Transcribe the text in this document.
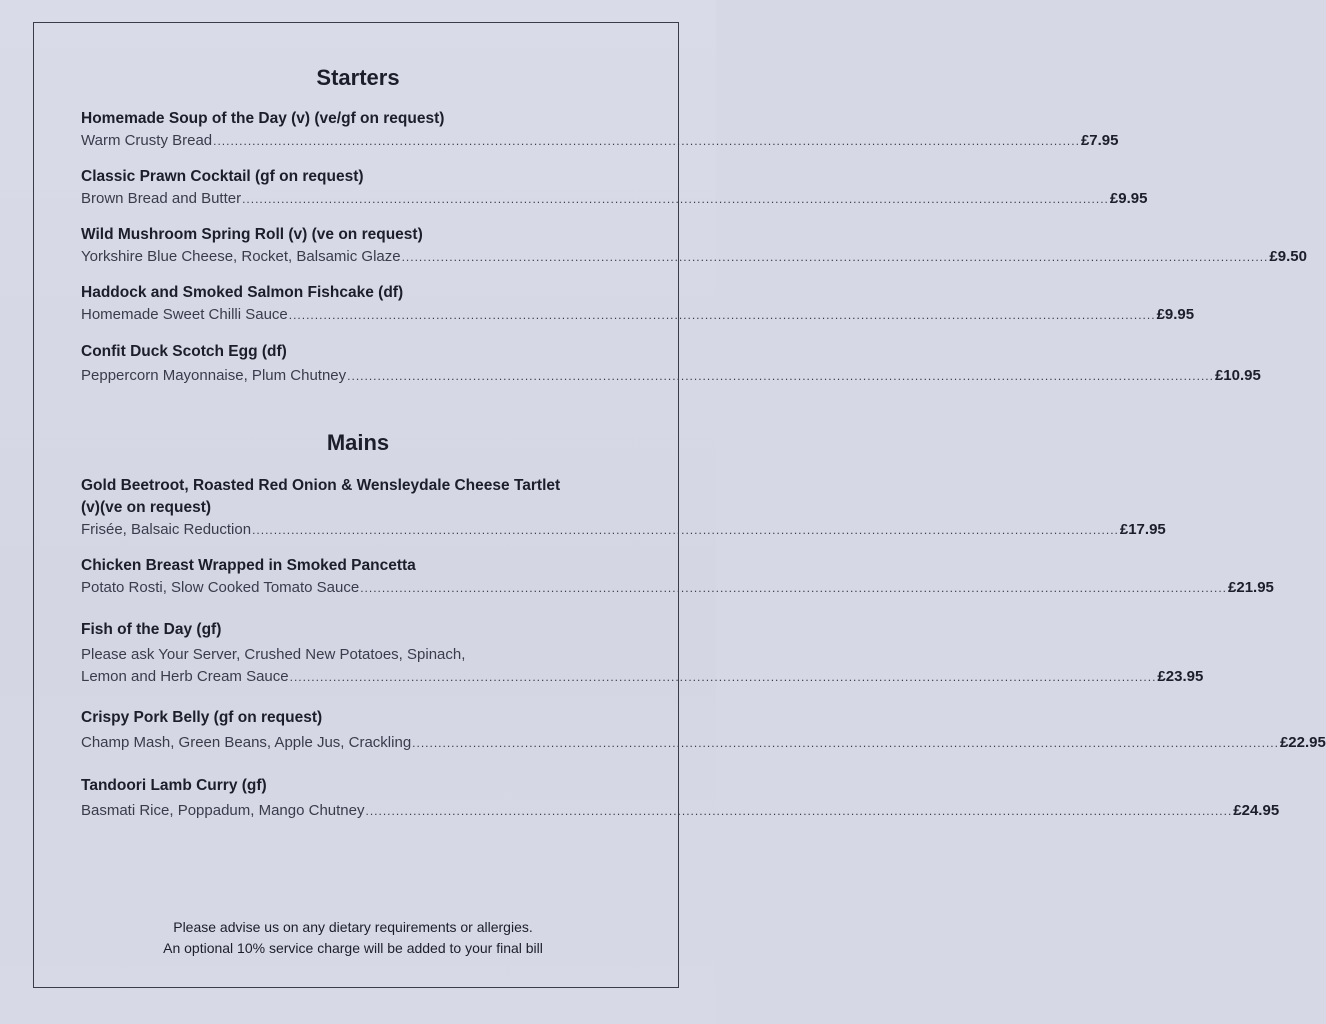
Starters
Homemade Soup of the Day (v) (ve/gf on request)
Warm Crusty Bread ........................................................................................................................................................................................................ £7.95
Classic Prawn Cocktail (gf on request)
Brown Bread and Butter ........................................................................................................................................................................................................ £9.95
Wild Mushroom Spring Roll (v) (ve on request)
Yorkshire Blue Cheese, Rocket, Balsamic Glaze ........................................................................................................................................................................................................ £9.50
Haddock and Smoked Salmon Fishcake (df)
Homemade Sweet Chilli Sauce ........................................................................................................................................................................................................ £9.95
Confit Duck Scotch Egg (df)
Peppercorn Mayonnaise, Plum Chutney ........................................................................................................................................................................................................ £10.95
Mains
Gold Beetroot, Roasted Red Onion & Wensleydale Cheese Tartlet
(v)(ve on request)
Frisée, Balsaic Reduction ........................................................................................................................................................................................................ £17.95
Chicken Breast Wrapped in Smoked Pancetta
Potato Rosti, Slow Cooked Tomato Sauce ........................................................................................................................................................................................................ £21.95
Fish of the Day (gf)
Please ask Your Server, Crushed New Potatoes, Spinach,
Lemon and Herb Cream Sauce ........................................................................................................................................................................................................ £23.95
Crispy Pork Belly (gf on request)
Champ Mash, Green Beans, Apple Jus, Crackling ........................................................................................................................................................................................................ £22.95
Tandoori Lamb Curry (gf)
Basmati Rice, Poppadum, Mango Chutney ........................................................................................................................................................................................................ £24.95
Please advise us on any dietary requirements or allergies.
An optional 10% service charge will be added to your final bill
